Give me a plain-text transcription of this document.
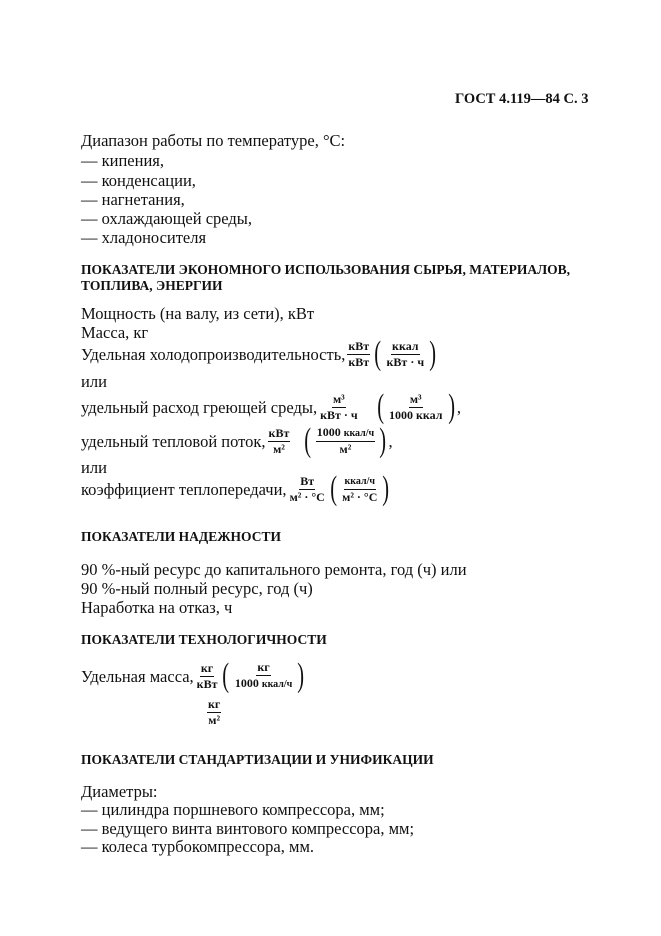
ГОСТ 4.119—84 С. 3
Диапазон работы по температуре, °С:
— кипения,
— конденсации,
— нагнетания,
— охлаждающей среды,
— хладоносителя
ПОКАЗАТЕЛИ ЭКОНОМНОГО ИСПОЛЬЗОВАНИЯ СЫРЬЯ, МАТЕРИАЛОВ,
ТОПЛИВА, ЭНЕРГИИ
Мощность (на валу, из сети), кВт
Масса, кг
Удельная холодопроизводительность, $\frac{\text{кВт}}{\text{кВт}}$ ( $\frac{\text{ккал}}{\text{кВт · ч}}$ )
или
удельный расход греющей среды, $\frac{\text{м³}}{\text{кВт · ч}}$ ( $\frac{\text{м³}}{\text{1000 ккал}}$ ) ,
удельный тепловой поток, $\frac{\text{кВт}}{\text{м²}}$ ( $\frac{\text{1000 ккал/ч}}{\text{м²}}$ ) ,
или
коэффициент теплопередачи, $\frac{Вт}{\text{м² · °С}}$ ( $\frac{\text{ккал/ч}}{\text{м² · °С}}$ )
ПОКАЗАТЕЛИ НАДЕЖНОСТИ
90 %-ный ресурс до капитального ремонта, год (ч) или
90 %-ный полный ресурс, год (ч)
Наработка на отказ, ч
ПОКАЗАТЕЛИ ТЕХНОЛОГИЧНОСТИ
Удельная масса, $\frac{кг}{\text{кВт}}$ ( $\frac{кг}{\text{1000 ккал/ч}}$ )
$\frac{кг}{\text{м²}}$
ПОКАЗАТЕЛИ СТАНДАРТИЗАЦИИ И УНИФИКАЦИИ
Диаметры:
— цилиндра поршневого компрессора, мм;
— ведущего винта винтового компрессора, мм;
— колеса турбокомпрессора, мм.
